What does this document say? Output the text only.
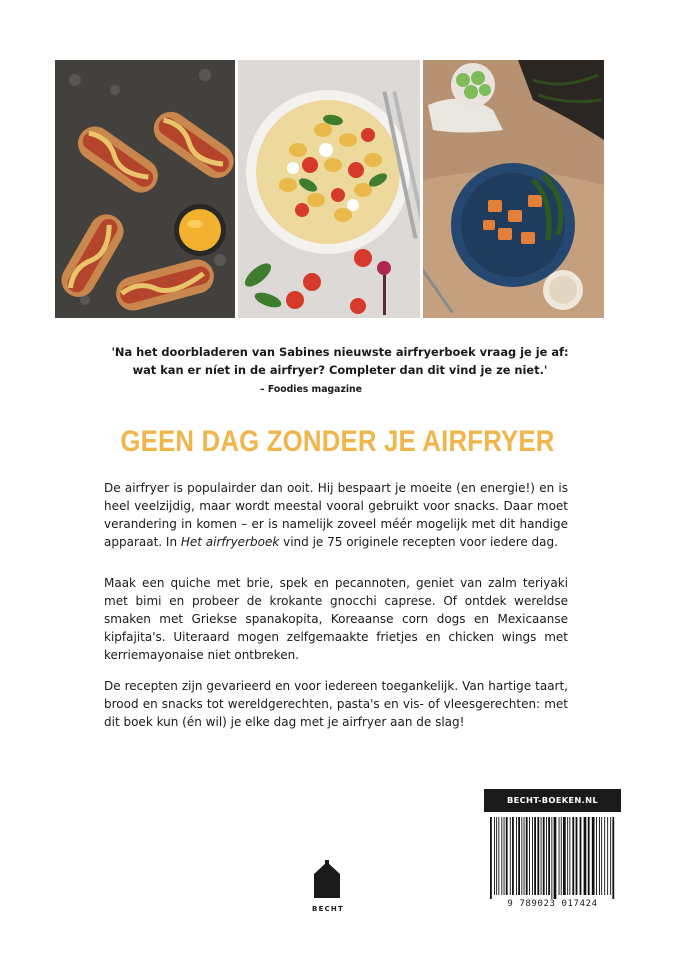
'Na het doorbladeren van Sabines nieuwste airfryerboek vraag je je af: wat kan er níet in de airfryer? Completer dan dit vind je ze niet.'
– Foodies magazine
GEEN DAG ZONDER JE AIRFRYER
De airfryer is populairder dan ooit. Hij bespaart je moeite (en energie!) en is heel veelzijdig, maar wordt meestal vooral gebruikt voor snacks. Daar moet verandering in komen – er is namelijk zoveel méér mogelijk met dit handige apparaat. In Het airfryerboek vind je 75 originele recepten voor iedere dag.
Maak een quiche met brie, spek en pecannoten, geniet van zalm teriyaki met bimi en probeer de krokante gnocchi caprese. Of ontdek wereldse smaken met Griekse spanakopita, Koreaanse corn dogs en Mexicaanse kipfajita's. Uiteraard mogen zelfgemaakte frietjes en chicken wings met kerriemayonaise niet ontbreken.
De recepten zijn gevarieerd en voor iedereen toegankelijk. Van hartige taart, brood en snacks tot wereldgerechten, pasta's en vis- of vleesgerechten: met dit boek kun (én wil) je elke dag met je airfryer aan de slag!
BECHT
BECHT-BOEKEN.NL
9 789023 017424
